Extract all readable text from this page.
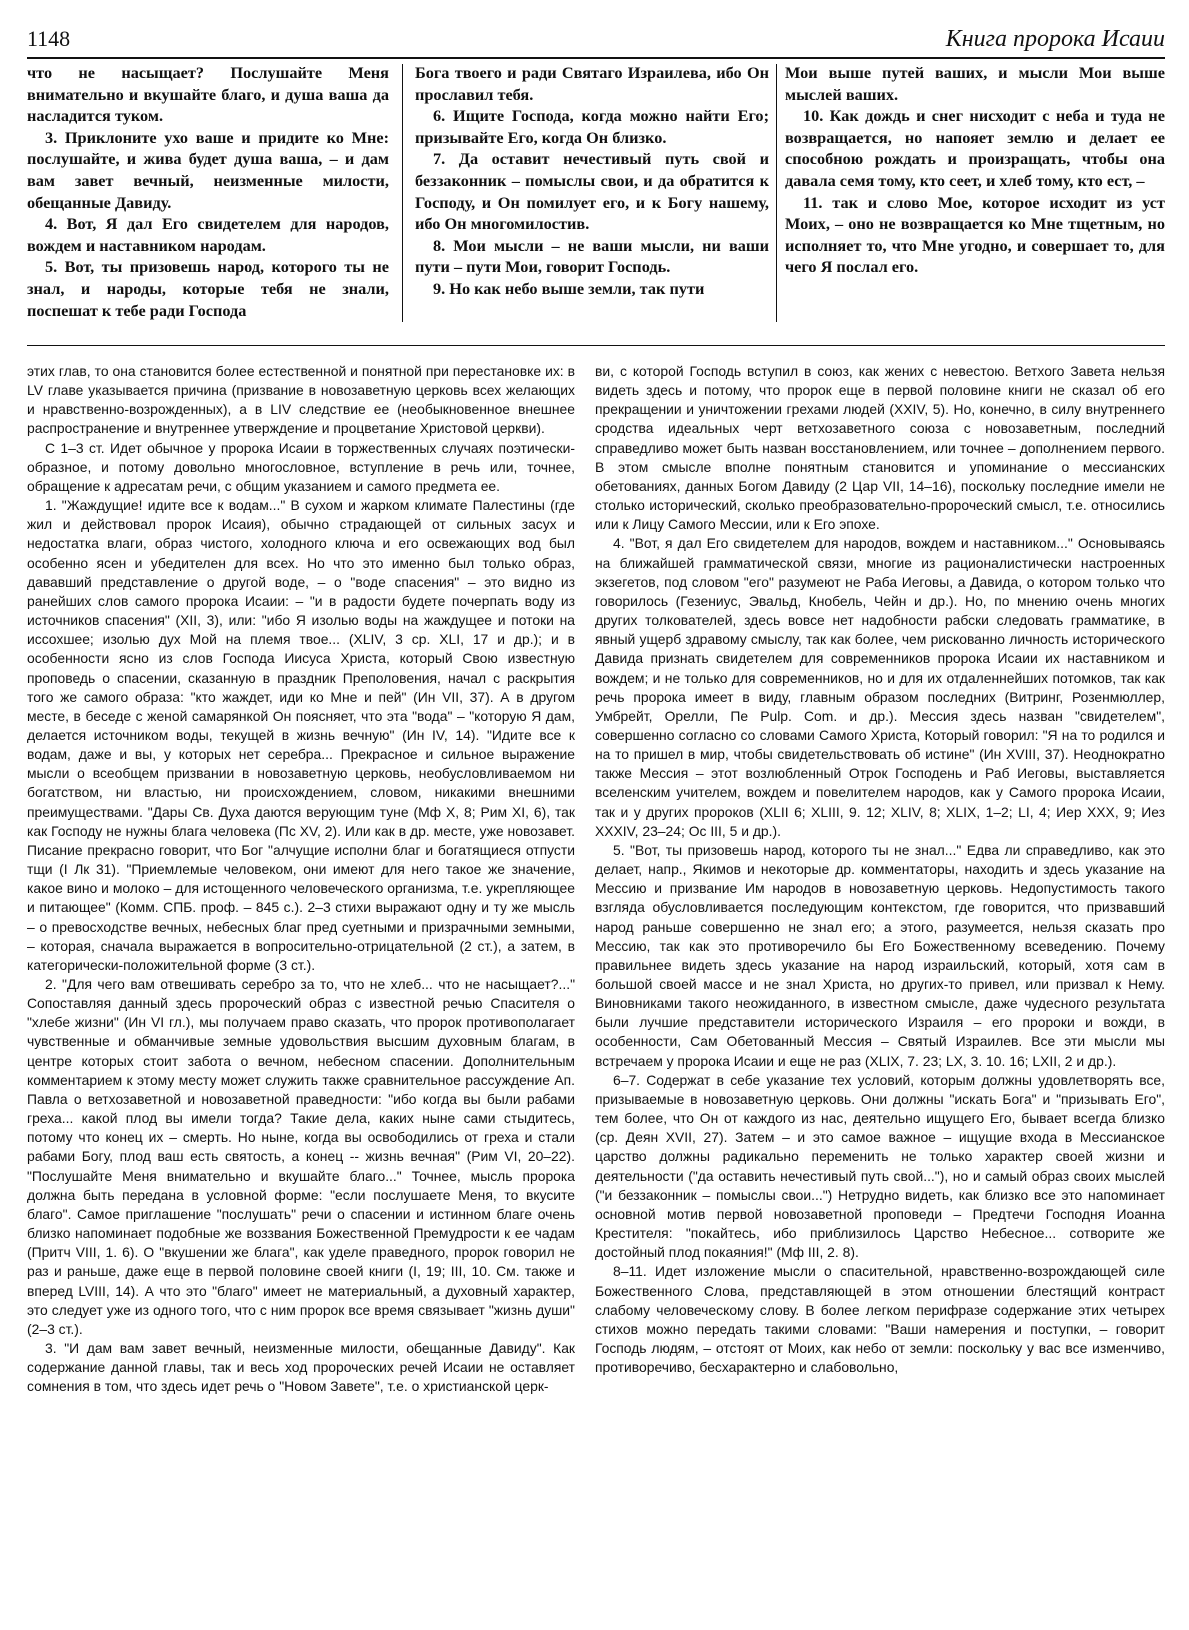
1148	Книга пророка Исаии

что не насыщает? Послушайте Меня внимательно и вкушайте благо, и душа ваша да насладится туком.

3. Приклоните ухо ваше и придите ко Мне: послушайте, и жива будет душа ваша, – и дам вам завет вечный, неизменные милости, обещанные Давиду.

4. Вот, Я дал Его свидетелем для народов, вождем и наставником народам.

5. Вот, ты призовешь народ, которого ты не знал, и народы, которые тебя не знали, поспешат к тебе ради Господа

Бога твоего и ради Святаго Израилева, ибо Он прославил тебя.

6. Ищите Господа, когда можно найти Его; призывайте Его, когда Он близко.

7. Да оставит нечестивый путь свой и беззаконник – помыслы свои, и да обратится к Господу, и Он помилует его, и к Богу нашему, ибо Он многомилостив.

8. Мои мысли – не ваши мысли, ни ваши пути – пути Мои, говорит Господь.

9. Но как небо выше земли, так пути

Мои выше путей ваших, и мысли Мои выше мыслей ваших.

10. Как дождь и снег нисходит с неба и туда не возвращается, но напояет землю и делает ее способною рождать и произращать, чтобы она давала семя тому, кто сеет, и хлеб тому, кто ест, –

11. так и слово Мое, которое исходит из уст Моих, – оно не возвращается ко Мне тщетным, но исполняет то, что Мне угодно, и совершает то, для чего Я послал его.

этих глав, то она становится более естественной и понятной при перестановке их: в LV главе указывается причина (призвание в новозаветную церковь всех желающих и нравственно-возрожденных), а в LIV следствие ее (необыкновенное внешнее распространение и внутреннее утверждение и процветание Христовой церкви).

С 1–3 ст. Идет обычное у пророка Исаии в торжественных случаях поэтически-образное, и потому довольно многословное, вступление в речь или, точнее, обращение к адресатам речи, с общим указанием и самого предмета ее.

1. "Жаждущие! идите все к водам..." В сухом и жарком климате Палестины (где жил и действовал пророк Исаия), обычно страдающей от сильных засух и недостатка влаги, образ чистого, холодного ключа и его освежающих вод был особенно ясен и убедителен для всех. Но что это именно был только образ, дававший представление о другой воде, – о "воде спасения" – это видно из ранейших слов самого пророка Исаии: – "и в радости будете почерпать воду из источников спасения" (XII, 3), или: "ибо Я изолью воды на жаждущее и потоки на иссохшее; изолью дух Мой на племя твое... (XLIV, 3 ср. XLI, 17 и др.); и в особенности ясно из слов Господа Иисуса Христа, который Свою известную проповедь о спасении, сказанную в праздник Преполовения, начал с раскрытия того же самого образа: "кто жаждет, иди ко Мне и пей" (Ин VII, 37). А в другом месте, в беседе с женой самарянкой Он поясняет, что эта "вода" – "которую Я дам, делается источником воды, текущей в жизнь вечную" (Ин IV, 14). "Идите все к водам, даже и вы, у которых нет серебра... Прекрасное и сильное выражение мысли о всеобщем призвании в новозаветную церковь, необусловливаемом ни богатством, ни властью, ни происхождением, словом, никакими внешними преимуществами. "Дары Св. Духа даются верующим туне (Мф X, 8; Рим XI, 6), так как Господу не нужны блага человека (Пс XV, 2). Или как в др. месте, уже новозавет. Писание прекрасно говорит, что Бог "алчущие исполни благ и богатящиеся отпусти тщи (I Лк 31). "Приемлемые человеком, они имеют для него такое же значение, какое вино и молоко – для истощенного человеческого организма, т.е. укрепляющее и питающее" (Комм. СПБ. проф. – 845 с.). 2–3 стихи выражают одну и ту же мысль – о превосходстве вечных, небесных благ пред суетными и призрачными земными, – которая, сначала выражается в вопросительно-отрицательной (2 ст.), а затем, в категорически-положительной форме (3 ст.).

2. "Для чего вам отвешивать серебро за то, что не хлеб... что не насыщает?..." Сопоставляя данный здесь пророческий образ с известной речью Спасителя о "хлебе жизни" (Ин VI гл.), мы получаем право сказать, что пророк противополагает чувственные и обманчивые земные удовольствия высшим духовным благам, в центре которых стоит забота о вечном, небесном спасении. Дополнительным комментарием к этому месту может служить также сравнительное рассуждение Ап. Павла о ветхозаветной и новозаветной праведности: "ибо когда вы были рабами греха... какой плод вы имели тогда? Такие дела, каких ныне сами стыдитесь, потому что конец их – смерть. Но ныне, когда вы освободились от греха и стали рабами Богу, плод ваш есть святость, а конец -- жизнь вечная" (Рим VI, 20–22). "Послушайте Меня внимательно и вкушайте благо..." Точнее, мысль пророка должна быть передана в условной форме: "если послушаете Меня, то вкусите благо". Самое приглашение "послушать" речи о спасении и истинном благе очень близко напоминает подобные же воззвания Божественной Премудрости к ее чадам (Притч VIII, 1. 6). О "вкушении же блага", как уделе праведного, пророк говорил не раз и раньше, даже еще в первой половине своей книги (I, 19; III, 10. См. также и вперед LVIII, 14). А что это "благо" имеет не материальный, а духовный характер, это следует уже из одного того, что с ним пророк все время связывает "жизнь души" (2–3 ст.).

3. "И дам вам завет вечный, неизменные милости, обещанные Давиду". Как содержание данной главы, так и весь ход пророческих речей Исаии не оставляет сомнения в том, что здесь идет речь о "Новом Завете", т.е. о христианской церк-

ви, с которой Господь вступил в союз, как жених с невестою. Ветхого Завета нельзя видеть здесь и потому, что пророк еще в первой половине книги не сказал об его прекращении и уничтожении грехами людей (XXIV, 5). Но, конечно, в силу внутреннего сродства идеальных черт ветхозаветного союза с новозаветным, последний справедливо может быть назван восстановлением, или точнее – дополнением первого. В этом смысле вполне понятным становится и упоминание о мессианских обетованиях, данных Богом Давиду (2 Цар VII, 14–16), поскольку последние имели не столько исторический, сколько преобразовательно-пророческий смысл, т.е. относились или к Лицу Самого Мессии, или к Его эпохе.

4. "Вот, я дал Его свидетелем для народов, вождем и наставником..." Основываясь на ближайшей грамматической связи, многие из рационалистически настроенных экзегетов, под словом "его" разумеют не Раба Иеговы, а Давида, о котором только что говорилось (Гезениус, Эвальд, Кнобель, Чейн и др.). Но, по мнению очень многих других толкователей, здесь вовсе нет надобности рабски следовать грамматике, в явный ущерб здравому смыслу, так как более, чем рискованно личность исторического Давида признать свидетелем для современников пророка Исаии их наставником и вождем; и не только для современников, но и для их отдаленнейших потомков, так как речь пророка имеет в виду, главным образом последних (Витринг, Розенмюллер, Умбрейт, Орелли, Пе Pulp. Com. и др.). Мессия здесь назван "свидетелем", совершенно согласно со словами Самого Христа, Который говорил: "Я на то родился и на то пришел в мир, чтобы свидетельствовать об истине" (Ин XVIII, 37). Неоднократно также Мессия – этот возлюбленный Отрок Господень и Раб Иеговы, выставляется вселенским учителем, вождем и повелителем народов, как у Самого пророка Исаии, так и у других пророков (XLII 6; XLIII, 9. 12; XLIV, 8; XLIX, 1–2; LI, 4; Иер XXX, 9; Иез XXXIV, 23–24; Ос III, 5 и др.).

5. "Вот, ты призовешь народ, которого ты не знал..." Едва ли справедливо, как это делает, напр., Якимов и некоторые др. комментаторы, находить и здесь указание на Мессию и призвание Им народов в новозаветную церковь. Недопустимость такого взгляда обусловливается последующим контекстом, где говорится, что призвавший народ раньше совершенно не знал его; а этого, разумеется, нельзя сказать про Мессию, так как это противоречило бы Его Божественному всеведению. Почему правильнее видеть здесь указание на народ израильский, который, хотя сам в большой своей массе и не знал Христа, но других-то привел, или призвал к Нему. Виновниками такого неожиданного, в известном смысле, даже чудесного результата были лучшие представители исторического Израиля – его пророки и вожди, в особенности, Сам Обетованный Мессия – Святый Израилев. Все эти мысли мы встречаем у пророка Исаии и еще не раз (XLIX, 7. 23; LX, 3. 10. 16; LXII, 2 и др.).

6–7. Содержат в себе указание тех условий, которым должны удовлетворять все, призываемые в новозаветную церковь. Они должны "искать Бога" и "призывать Его", тем более, что Он от каждого из нас, деятельно ищущего Его, бывает всегда близко (ср. Деян XVII, 27). Затем – и это самое важное – ищущие входа в Мессианское царство должны радикально переменить не только характер своей жизни и деятельности ("да оставить нечестивый путь свой..."), но и самый образ своих мыслей ("и беззаконник – помыслы свои...") Нетрудно видеть, как близко все это напоминает основной мотив первой новозаветной проповеди – Предтечи Господня Иоанна Крестителя: "покайтесь, ибо приблизилось Царство Небесное... сотворите же достойный плод покаяния!" (Мф III, 2. 8).

8–11. Идет изложение мысли о спасительной, нравственно-возрождающей силе Божественного Слова, представляющей в этом отношении блестящий контраст слабому человеческому слову. В более легком перифразе содержание этих четырех стихов можно передать такими словами: "Ваши намерения и поступки, – говорит Господь людям, – отстоят от Моих, как небо от земли: поскольку у вас все изменчиво, противоречиво, бесхарактерно и слабовольно,
